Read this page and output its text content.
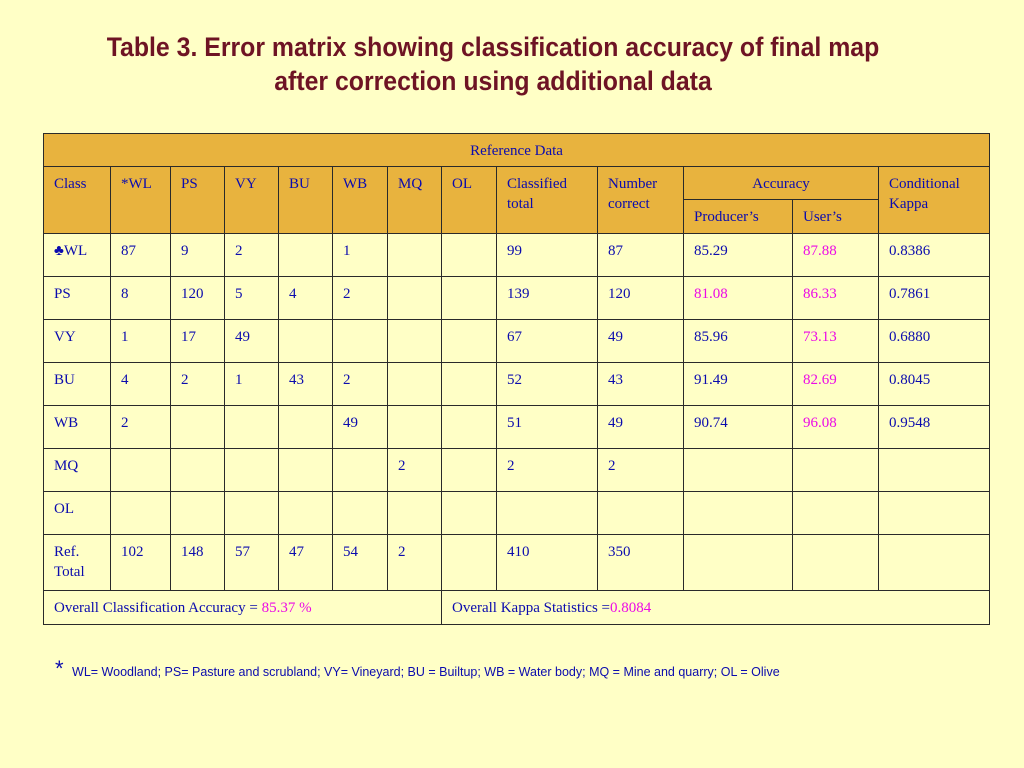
Table 3. Error matrix showing classification accuracy of final map
after correction using additional data
Reference Data												
Class	*WL	PS	VY	BU	WB	MQ	OL	Classified total	Number correct	Accuracy		Conditional Kappa
										Producer’s	User’s	
♣WL	87	9	2		1			99	87	85.29	87.88	0.8386
PS	8	120	5	4	2			139	120	81.08	86.33	0.7861
VY	1	17	49					67	49	85.96	73.13	0.6880
BU	4	2	1	43	2			52	43	91.49	82.69	0.8045
WB	2				49			51	49	90.74	96.08	0.9548
MQ						2		2	2			
OL												
Ref. Total	102	148	57	47	54	2		410	350			
Overall Classification Accuracy = 85.37 %							Overall Kappa Statistics =0.8084					
* $_{WL= Woodland; PS= Pasture and scrubland; VY= Vineyard; BU = Builtup; WB = Water body; MQ = Mine and quarry; OL = Olive}$
